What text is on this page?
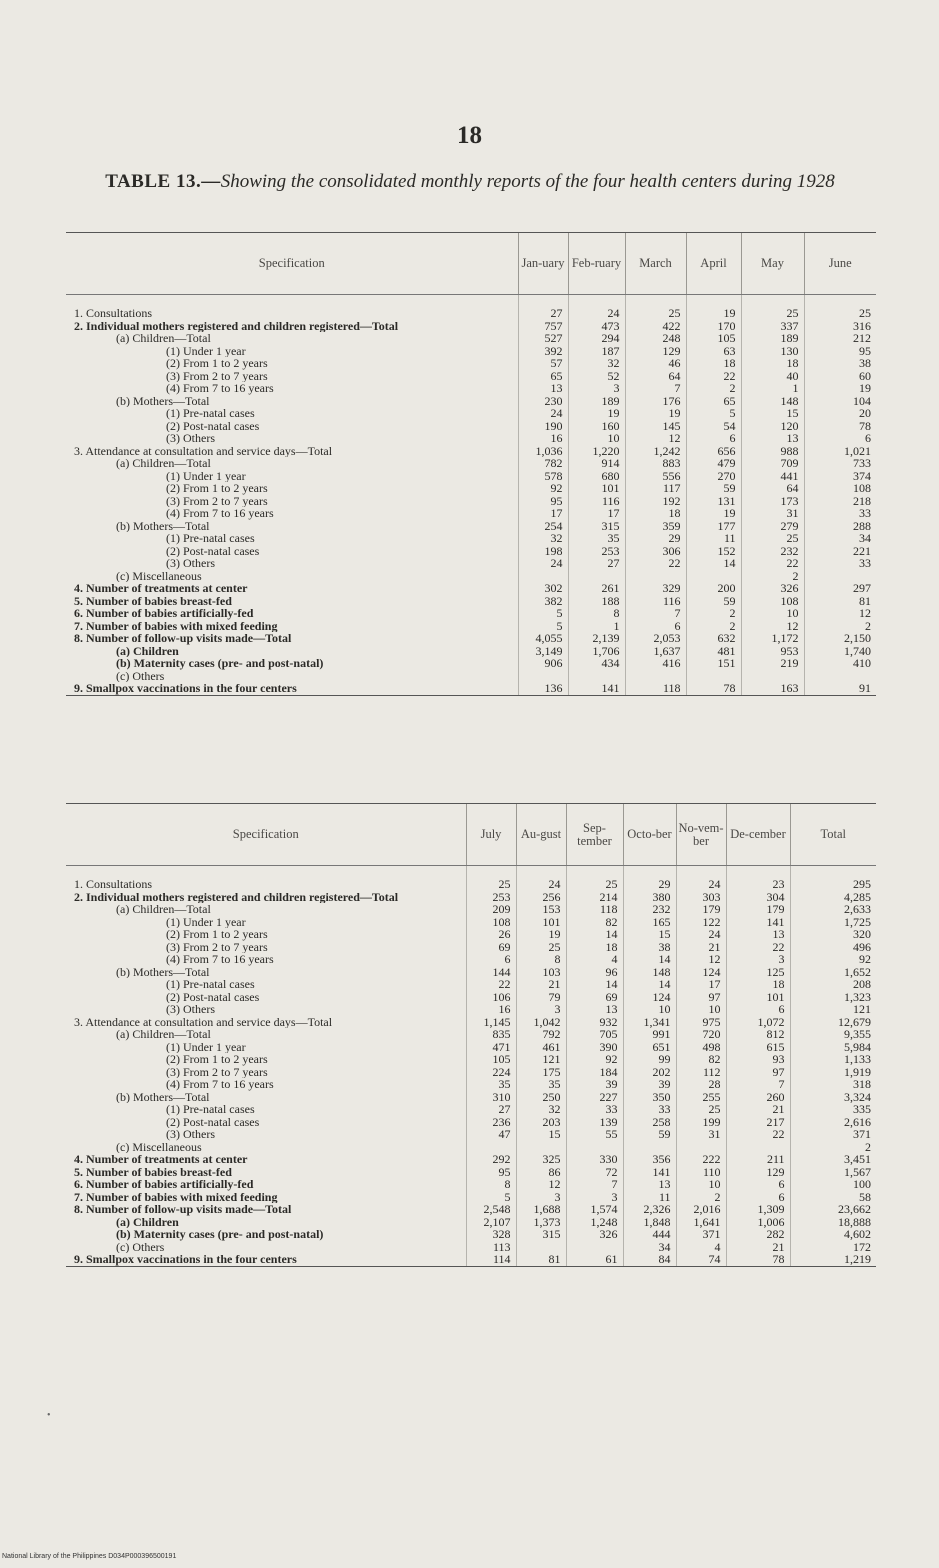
18
TABLE 13.—Showing the consolidated monthly reports of the four health centers during 1928
Specification	Jan-uary	Feb-ruary	March	April	May	June
1. Consultations	27	24	25	19	25	25
2. Individual mothers registered and children registered—Total	757	473	422	170	337	316
(a) Children—Total	527	294	248	105	189	212
(1) Under 1 year	392	187	129	63	130	95
(2) From 1 to 2 years	57	32	46	18	18	38
(3) From 2 to 7 years	65	52	64	22	40	60
(4) From 7 to 16 years	13	3	7	2	1	19
(b) Mothers—Total	230	189	176	65	148	104
(1) Pre-natal cases	24	19	19	5	15	20
(2) Post-natal cases	190	160	145	54	120	78
(3) Others	16	10	12	6	13	6
3. Attendance at consultation and service days—Total	1,036	1,220	1,242	656	988	1,021
(a) Children—Total	782	914	883	479	709	733
(1) Under 1 year	578	680	556	270	441	374
(2) From 1 to 2 years	92	101	117	59	64	108
(3) From 2 to 7 years	95	116	192	131	173	218
(4) From 7 to 16 years	17	17	18	19	31	33
(b) Mothers—Total	254	315	359	177	279	288
(1) Pre-natal cases	32	35	29	11	25	34
(2) Post-natal cases	198	253	306	152	232	221
(3) Others	24	27	22	14	22	33
(c) Miscellaneous					2	
4. Number of treatments at center	302	261	329	200	326	297
5. Number of babies breast-fed	382	188	116	59	108	81
6. Number of babies artificially-fed	5	8	7	2	10	12
7. Number of babies with mixed feeding	5	1	6	2	12	2
8. Number of follow-up visits made—Total	4,055	2,139	2,053	632	1,172	2,150
(a) Children	3,149	1,706	1,637	481	953	1,740
(b) Maternity cases (pre- and post-natal)	906	434	416	151	219	410
(c) Others						
9. Smallpox vaccinations in the four centers	136	141	118	78	163	91
Specification	July	Au-gust	Sep-tember	Octo-ber	No-vem-ber	De-cember	Total
1. Consultations	25	24	25	29	24	23	295
2. Individual mothers registered and children registered—Total	253	256	214	380	303	304	4,285
(a) Children—Total	209	153	118	232	179	179	2,633
(1) Under 1 year	108	101	82	165	122	141	1,725
(2) From 1 to 2 years	26	19	14	15	24	13	320
(3) From 2 to 7 years	69	25	18	38	21	22	496
(4) From 7 to 16 years	6	8	4	14	12	3	92
(b) Mothers—Total	144	103	96	148	124	125	1,652
(1) Pre-natal cases	22	21	14	14	17	18	208
(2) Post-natal cases	106	79	69	124	97	101	1,323
(3) Others	16	3	13	10	10	6	121
3. Attendance at consultation and service days—Total	1,145	1,042	932	1,341	975	1,072	12,679
(a) Children—Total	835	792	705	991	720	812	9,355
(1) Under 1 year	471	461	390	651	498	615	5,984
(2) From 1 to 2 years	105	121	92	99	82	93	1,133
(3) From 2 to 7 years	224	175	184	202	112	97	1,919
(4) From 7 to 16 years	35	35	39	39	28	7	318
(b) Mothers—Total	310	250	227	350	255	260	3,324
(1) Pre-natal cases	27	32	33	33	25	21	335
(2) Post-natal cases	236	203	139	258	199	217	2,616
(3) Others	47	15	55	59	31	22	371
(c) Miscellaneous							2
4. Number of treatments at center	292	325	330	356	222	211	3,451
5. Number of babies breast-fed	95	86	72	141	110	129	1,567
6. Number of babies artificially-fed	8	12	7	13	10	6	100
7. Number of babies with mixed feeding	5	3	3	11	2	6	58
8. Number of follow-up visits made—Total	2,548	1,688	1,574	2,326	2,016	1,309	23,662
(a) Children	2,107	1,373	1,248	1,848	1,641	1,006	18,888
(b) Maternity cases (pre- and post-natal)	328	315	326	444	371	282	4,602
(c) Others	113			34	4	21	172
9. Smallpox vaccinations in the four centers	114	81	61	84	74	78	1,219
•
National Library of the Philippines D034P000396500191
